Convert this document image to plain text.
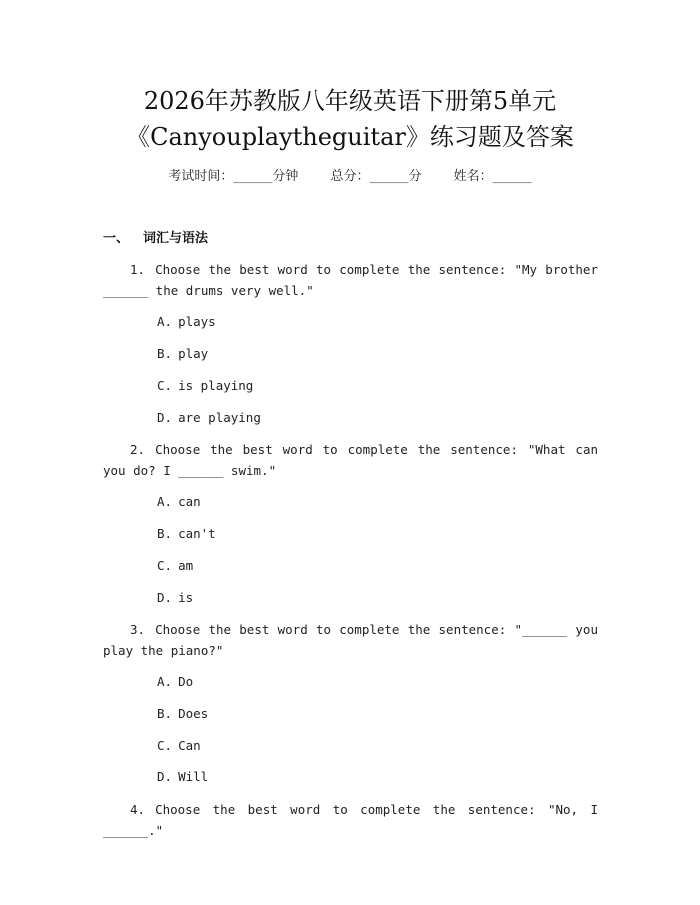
2026年苏教版八年级英语下册第5单元
《Canyouplaytheguitar》练习题及答案
考试时间：______分钟 总分：______分 姓名：______
一、 词汇与语法
1. Choose the best word to complete the sentence: "My brother ______ the drums very well."
A. plays
B. play
C. is playing
D. are playing
2. Choose the best word to complete the sentence: "What can you do? I ______ swim."
A. can
B. can't
C. am
D. is
3. Choose the best word to complete the sentence: "______ you play the piano?"
A. Do
B. Does
C. Can
D. Will
4. Choose the best word to complete the sentence: "No, I ______."
